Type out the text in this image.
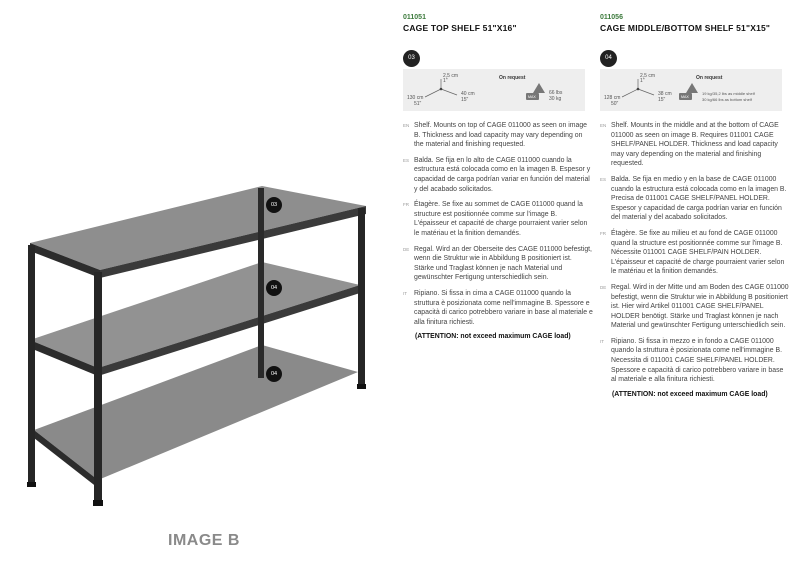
03
04
04
IMAGE B
011051
CAGE TOP SHELF 51"X16"
03
On request
2,5 cm
1"
130 cm
51"
40 cm
15"	MAX
66 lbs
30 kg
EN Shelf. Mounts on top of CAGE 011000 as seen on image B. Thickness and load capacity may vary depending on the material and finishing requested.
ES Balda. Se fija en lo alto de CAGE 011000 cuando la estructura está colocada como en la imagen B. Espesor y capacidad de carga podrían variar en función del material y del acabado solicitados.
FR Étagère. Se fixe au sommet de CAGE 011000 quand la structure est positionnée comme sur l'image B. L'épaisseur et capacité de charge pourraient varier selon le matériau et la finition demandés.
DE Regal. Wird an der Oberseite des CAGE 011000 befestigt, wenn die Struktur wie in Abbildung B positioniert ist. Stärke und Traglast können je nach Material und gewünschter Fertigung unterschiedlich sein.
IT	Ripiano. Si fissa in cima a CAGE 011000 quando la struttura è posizionata come nell'immagine B. Spessore e capacità di carico potrebbero variare in base al materiale e alla finitura richiesti.
(ATTENTION: not exceed maximum CAGE load)
011056
CAGE MIDDLE/BOTTOM SHELF 51"X15"
04
On request
2,5 cm
1"
128 cm
50"
38 cm
15"	MAX
19 kg/35,2 lbs as middle shelf
30 kg/66 lbs as bottom shelf
EN Shelf. Mounts in the middle and at the bottom of CAGE 011000 as seen on image B. Requires 011001 CAGE SHELF/PANEL HOLDER. Thickness and load capacity may vary depending on the material and finishing requested.
ES Balda. Se fija en medio y en la base de CAGE 011000 cuando la estructura está colocada como en la imagen B. Precisa de 011001 CAGE SHELF/PANEL HOLDER. Espesor y capacidad de carga podrían variar en función del material y del acabado solicitados.
FR Étagère. Se fixe au milieu et au fond de CAGE 011000 quand la structure est positionnée comme sur l'image B. Nécessite 011001 CAGE SHELF/PAIN HOLDER. L'épaisseur et capacité de charge pourraient varier selon le matériau et la finition demandés.
DE Regal. Wird in der Mitte und am Boden des CAGE 011000 befestigt, wenn die Struktur wie in Abbildung B positioniert ist. Hier wird Artikel 011001 CAGE SHELF/PANEL HOLDER benötigt. Stärke und Traglast können je nach Material und gewünschter Fertigung unterschiedlich sein.
IT	Ripiano. Si fissa in mezzo e in fondo a CAGE 011000 quando la struttura è posizionata come nell'immagine B. Necessita di 011001 CAGE SHELF/PANEL HOLDER. Spessore e capacità di carico potrebbero variare in base al materiale e alla finitura richiesti.
(ATTENTION: not exceed maximum CAGE load)
